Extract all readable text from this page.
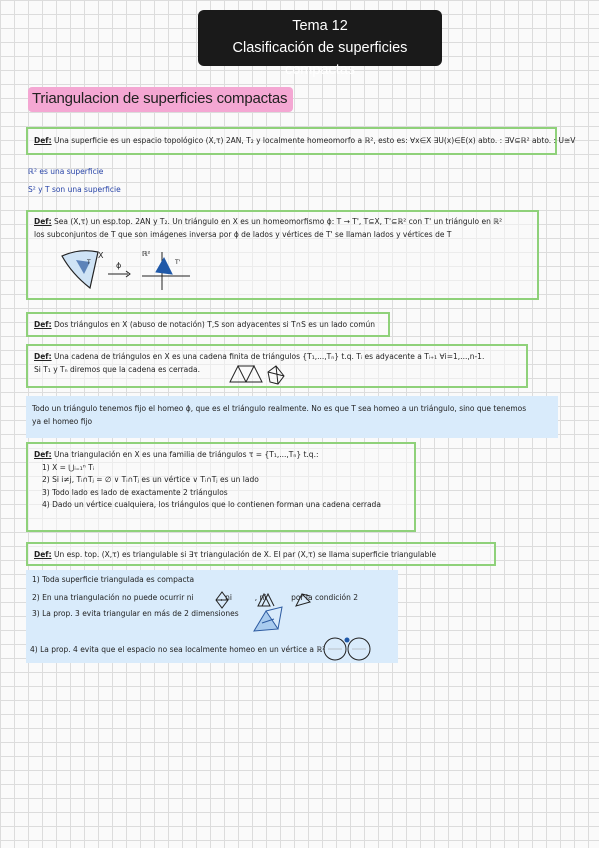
Tema 12
Clasificación de superficies compactas
Triangulacion de superficies compactas
Def: Una superficie es un espacio topológico (X,τ) 2AN, T₂ y localmente homeomorfo a ℝ², esto es: ∀x∈X ∃U(x)∈E(x) abto. : ∃V⊆ℝ² abto. : U≅V
ℝ² es una superficie
S² y T son una superficie
Def: Sea (X,τ) un esp.top. 2AN y T₂. Un triángulo en X es un homeomorfismo ϕ: T → T', T⊆X, T'⊆ℝ² con T' un triángulo en ℝ²
los subconjuntos de T que son imágenes inversa por ϕ de lados y vértices de T' se llaman lados y vértices de T
X
T	ϕ
ℝ²
T'
Def: Dos triángulos en X (abuso de notación) T,S son adyacentes si T∩S es un lado común
Def: Una cadena de triángulos en X es una cadena finita de triángulos {T₁,...,Tₙ} t.q. Tᵢ es adyacente a Tᵢ₊₁ ∀i=1,...,n-1.
Si T₁ y Tₙ diremos que la cadena es cerrada.
Todo un triángulo tenemos fijo el homeo ϕ, que es el triángulo realmente. No es que T sea homeo a un triángulo, sino que tenemos
ya el homeo fijo
Def: Una triangulación en X es una familia de triángulos τ = {T₁,...,Tₙ} t.q.:
1) X = ⋃ᵢ₌₁ⁿ Tᵢ
2) Si i≠j, Tᵢ∩Tⱼ = ∅ ∨ Tᵢ∩Tⱼ es un vértice ∨ Tᵢ∩Tⱼ es un lado
3) Todo lado es lado de exactamente 2 triángulos
4) Dado un vértice cualquiera, los triángulos que lo contienen forman una cadena cerrada
Def: Un esp. top. (X,τ) es triangulable si ∃τ triangulación de X. El par (X,τ) se llama superficie triangulable
1) Toda superficie triangulada es compacta
2) En una triangulación no puede ocurrir ni	, ni	, ni	por la condición 2
3) La prop. 3 evita triangular en más de 2 dimensiones
4) La prop. 4 evita que el espacio no sea localmente homeo en un vértice a ℝ²
